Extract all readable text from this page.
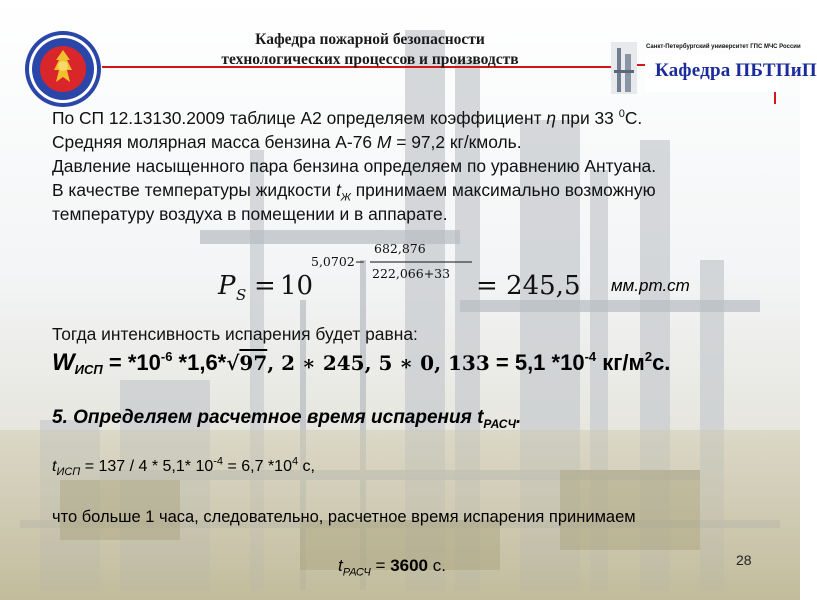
Кафедра пожарной безопасности
технологических процессов и производств
Санкт-Петербургский университет ГПС МЧС России
Кафедра ПБТПиП
По СП 12.13130.2009 таблице А2 определяем коэффициент η при 33 $^0$С.
Средняя молярная масса бензина А-76 М = 97,2 кг/кмоль.
Давление насыщенного пара бензина определяем по уравнению Антуана.
В качестве температуры жидкости $t_Ж$ принимаем максимально возможную
температуру воздуха в помещении и в аппарате.
P S = 10
5,0702−
682,876
222,066+33 = 245,5 мм.рт.ст
Тогда интенсивность испарения будет равна:
WИСП = $*10^{-6}$ *1,6*√97, 2 ∗ 245, 5 ∗ 0, 133 = 5,1 $*10^{-4}$ $кг/м^2с$.
5. Определяем расчетное время испарения $t_{РАСЧ}$.
$t_{ИСП} = 137 / 4 * 5,1*$ $10^{-4} = 6,7$ $*10^4$ с,
что больше 1 часа, следовательно, расчетное время испарения принимаем
$t_{РАСЧ} = 3600$ с.	28
